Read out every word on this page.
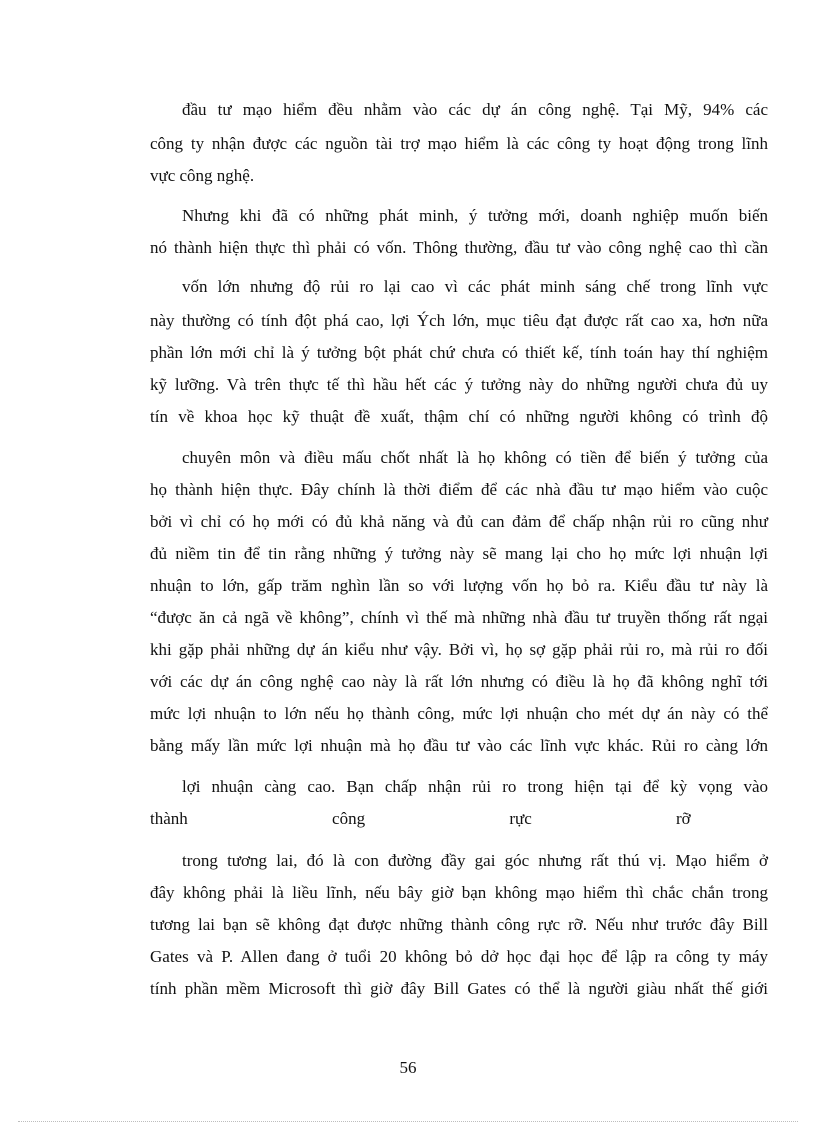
đầu tư mạo hiểm đều nhằm vào các dự án công nghệ. Tại Mỹ, 94% các
công ty nhận được các nguồn tài trợ mạo hiểm là các công ty hoạt động trong lĩnh
vực công nghệ.
Nhưng khi đã có những phát minh, ý tưởng mới, doanh nghiệp muốn biến
nó thành hiện thực thì phải có vốn. Thông thường, đầu tư vào công nghệ cao thì cần
vốn lớn nhưng độ rủi ro lại cao vì các phát minh sáng chế trong lĩnh vực
này thường có tính đột phá cao, lợi Ých lớn, mục tiêu đạt được rất cao xa, hơn nữa
phần lớn mới chỉ là ý tưởng bột phát chứ chưa có thiết kế, tính toán hay thí nghiệm
kỹ lưỡng. Và trên thực tế thì hầu hết các ý tưởng này do những người chưa đủ uy
tín về khoa học kỹ thuật đề xuất, thậm chí có những người không có trình độ
chuyên môn và điều mấu chốt nhất là họ không có tiền để biến ý tưởng của
họ thành hiện thực. Đây chính là thời điểm để các nhà đầu tư mạo hiểm vào cuộc
bởi vì chỉ có họ mới có đủ khả năng và đủ can đảm để chấp nhận rủi ro cũng như
đủ niềm tin để tin rằng những ý tưởng này sẽ mang lại cho họ mức lợi nhuận lợi
nhuận to lớn, gấp trăm nghìn lần so với lượng vốn họ bỏ ra. Kiểu đầu tư này là
“được ăn cả ngã về không”, chính vì thế mà những nhà đầu tư truyền thống rất ngại
khi gặp phải những dự án kiểu như vậy. Bởi vì, họ sợ gặp phải rủi ro, mà rủi ro đối
với các dự án công nghệ cao này là rất lớn nhưng có điều là họ đã không nghĩ tới
mức lợi nhuận to lớn nếu họ thành công, mức lợi nhuận cho mét dự án này có thể
bằng mấy lần mức lợi nhuận mà họ đầu tư vào các lĩnh vực khác. Rủi ro càng lớn
lợi nhuận càng cao. Bạn chấp nhận rủi ro trong hiện tại để kỳ vọng vào
thành công rực rỡ
trong tương lai, đó là con đường đầy gai góc nhưng rất thú vị. Mạo hiểm ở
đây không phải là liều lĩnh, nếu bây giờ bạn không mạo hiểm thì chắc chắn trong
tương lai bạn sẽ không đạt được những thành công rực rỡ. Nếu như trước đây Bill
Gates và P. Allen đang ở tuổi 20 không bỏ dở học đại học để lập ra công ty máy
tính phần mềm Microsoft thì giờ đây Bill Gates có thể là người giàu nhất thế giới
56
